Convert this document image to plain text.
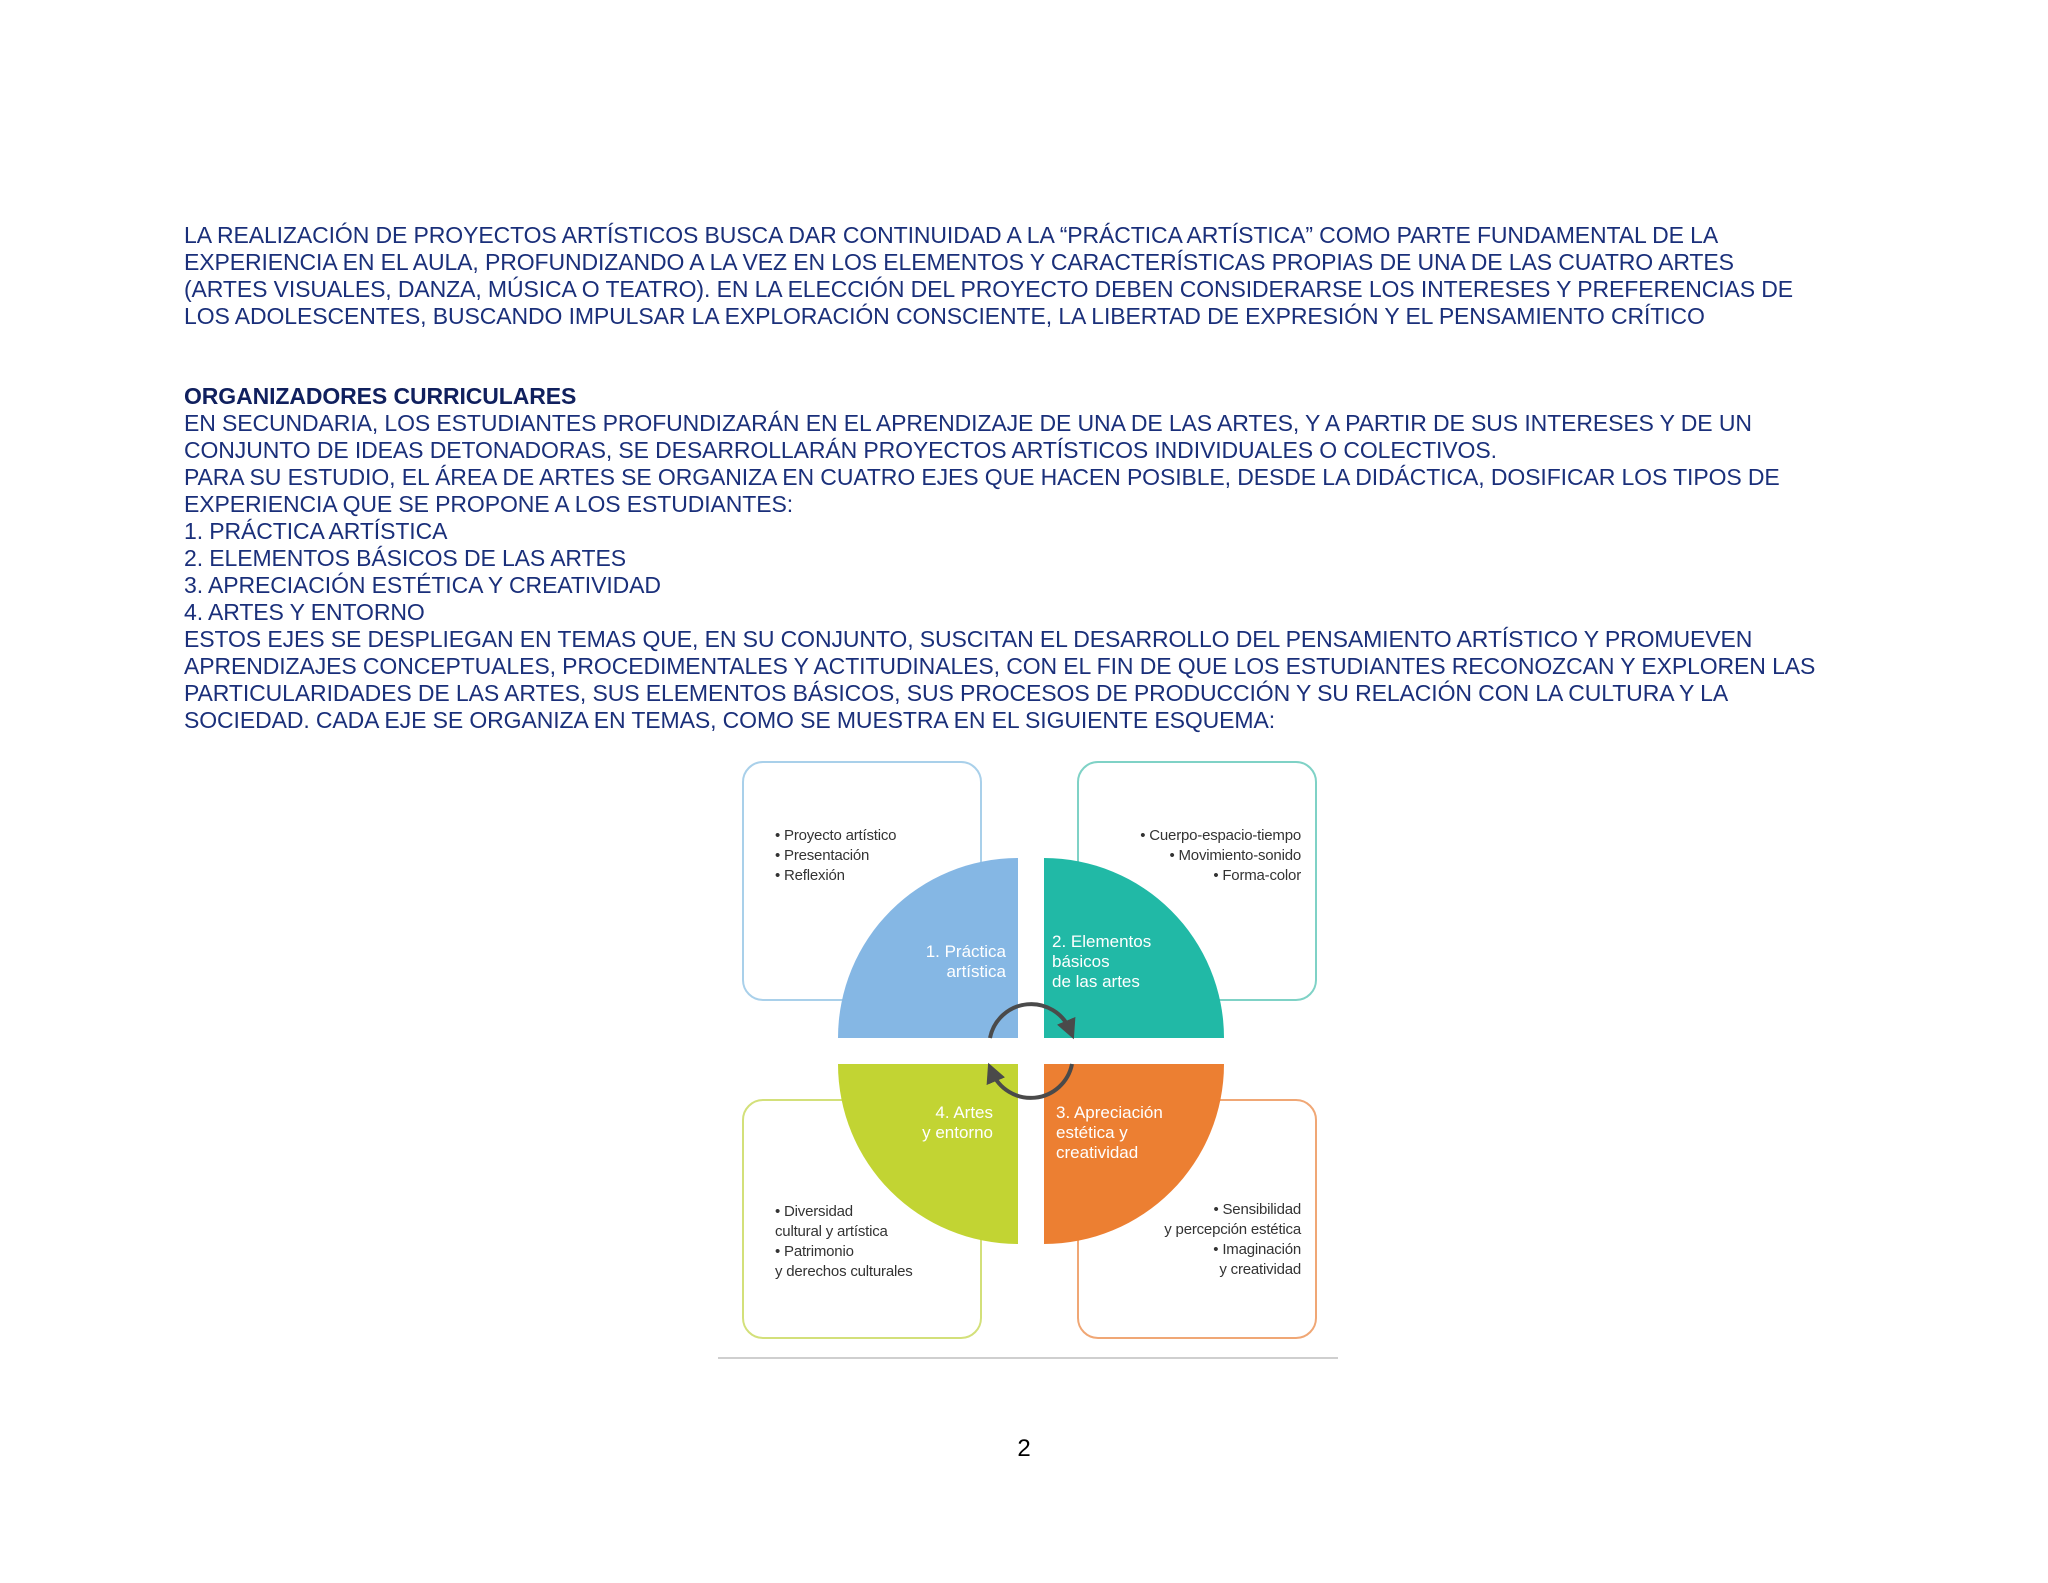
LA REALIZACIÓN DE PROYECTOS ARTÍSTICOS BUSCA DAR CONTINUIDAD A LA “PRÁCTICA ARTÍSTICA” COMO PARTE FUNDAMENTAL DE LA

EXPERIENCIA EN EL AULA, PROFUNDIZANDO A LA VEZ EN LOS ELEMENTOS Y CARACTERÍSTICAS PROPIAS DE UNA DE LAS CUATRO ARTES

(ARTES VISUALES, DANZA, MÚSICA O TEATRO). EN LA ELECCIÓN DEL PROYECTO DEBEN CONSIDERARSE LOS INTERESES Y PREFERENCIAS DE

LOS ADOLESCENTES, BUSCANDO IMPULSAR LA EXPLORACIÓN CONSCIENTE, LA LIBERTAD DE EXPRESIÓN Y EL PENSAMIENTO CRÍTICO

ORGANIZADORES CURRICULARES

EN SECUNDARIA, LOS ESTUDIANTES PROFUNDIZARÁN EN EL APRENDIZAJE DE UNA DE LAS ARTES, Y A PARTIR DE SUS INTERESES Y DE UN

CONJUNTO DE IDEAS DETONADORAS, SE DESARROLLARÁN PROYECTOS ARTÍSTICOS INDIVIDUALES O COLECTIVOS.

PARA SU ESTUDIO, EL ÁREA DE ARTES SE ORGANIZA EN CUATRO EJES QUE HACEN POSIBLE, DESDE LA DIDÁCTICA, DOSIFICAR LOS TIPOS DE

EXPERIENCIA QUE SE PROPONE A LOS ESTUDIANTES:

1. PRÁCTICA ARTÍSTICA

2. ELEMENTOS BÁSICOS DE LAS ARTES

3. APRECIACIÓN ESTÉTICA Y CREATIVIDAD

4. ARTES Y ENTORNO

ESTOS EJES SE DESPLIEGAN EN TEMAS QUE, EN SU CONJUNTO, SUSCITAN EL DESARROLLO DEL PENSAMIENTO ARTÍSTICO Y PROMUEVEN

APRENDIZAJES CONCEPTUALES, PROCEDIMENTALES Y ACTITUDINALES, CON EL FIN DE QUE LOS ESTUDIANTES RECONOZCAN Y EXPLOREN LAS

PARTICULARIDADES DE LAS ARTES, SUS ELEMENTOS BÁSICOS, SUS PROCESOS DE PRODUCCIÓN Y SU RELACIÓN CON LA CULTURA Y LA

SOCIEDAD. CADA EJE SE ORGANIZA EN TEMAS, COMO SE MUESTRA EN EL SIGUIENTE ESQUEMA:

• Proyecto artístico
• Presentación
• Reflexión
• Cuerpo-espacio-tiempo
• Movimiento-sonido
• Forma-color
• Sensibilidad
y percepción estética
• Imaginación
y creatividad
• Diversidad
cultural y artística
• Patrimonio
y derechos culturales
1. Práctica
artística
2. Elementos
básicos
de las artes
3. Apreciación
estética y
creatividad
4. Artes
y entorno
2
